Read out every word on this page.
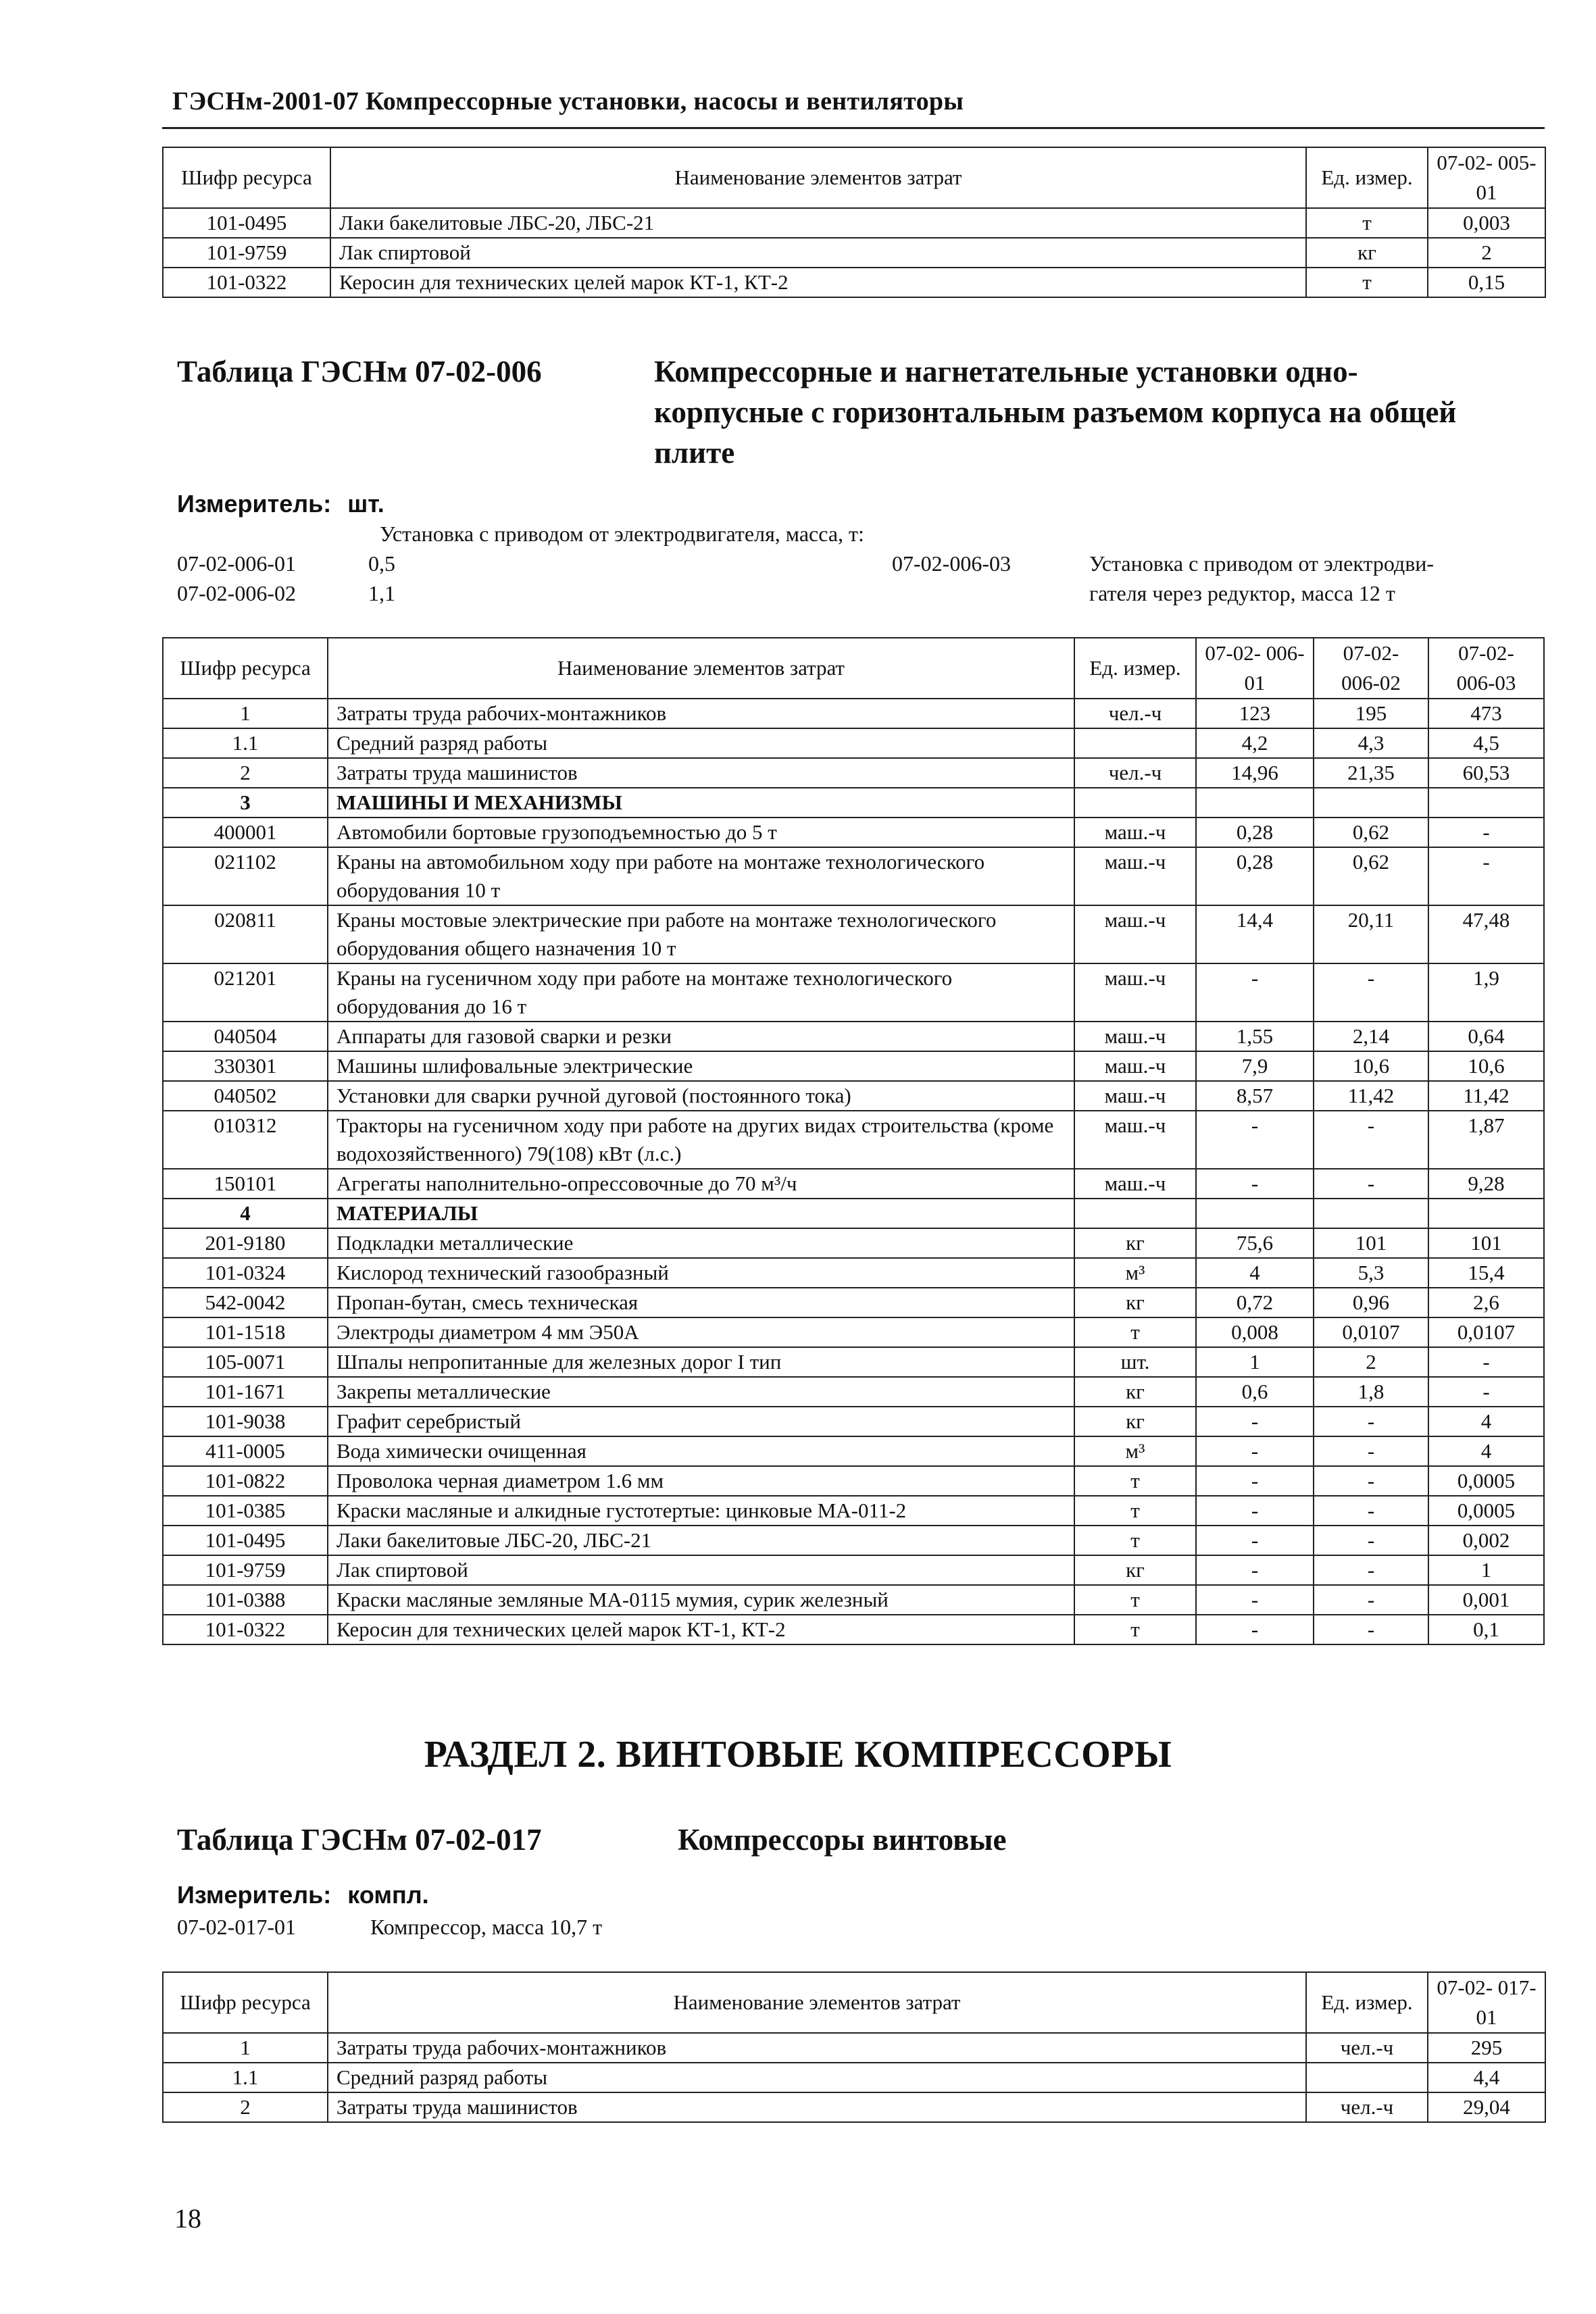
ГЭСНм-2001-07 Компрессорные установки, насосы и вентиляторы
Шифр ресурса	Наименование элементов затрат	Ед. измер.	07-02- 005-01
101-0495	Лаки бакелитовые ЛБС-20, ЛБС-21	т	0,003
101-9759	Лак спиртовой	кг	2
101-0322	Керосин для технических целей марок КТ-1, КТ-2	т	0,15
Таблица ГЭСНм 07-02-006	Компрессорные и нагнетательные установки одно-корпусные с горизонтальным разъемом корпуса на общей плите
Измеритель: шт.
Установка с приводом от электродвигателя, масса, т:
07-02-006-01	0,5
07-02-006-02	1,1
07-02-006-03	Установка с приводом от электродви-
гателя через редуктор, масса 12 т
Шифр ресурса	Наименование элементов затрат	Ед. измер.	07-02- 006-01	07-02- 006-02	07-02- 006-03
1	Затраты труда рабочих-монтажников	чел.-ч	123	195	473
1.1	Средний разряд работы		4,2	4,3	4,5
2	Затраты труда машинистов	чел.-ч	14,96	21,35	60,53
3	МАШИНЫ И МЕХАНИЗМЫ				
400001	Автомобили бортовые грузоподъемностью до 5 т	маш.-ч	0,28	0,62	-
021102	Краны на автомобильном ходу при работе на монтаже технологического оборудования 10 т	маш.-ч	0,28	0,62	-
020811	Краны мостовые электрические при работе на монтаже технологического оборудования общего назначения 10 т	маш.-ч	14,4	20,11	47,48
021201	Краны на гусеничном ходу при работе на монтаже технологического оборудования до 16 т	маш.-ч	-	-	1,9
040504	Аппараты для газовой сварки и резки	маш.-ч	1,55	2,14	0,64
330301	Машины шлифовальные электрические	маш.-ч	7,9	10,6	10,6
040502	Установки для сварки ручной дуговой (постоянного тока)	маш.-ч	8,57	11,42	11,42
010312	Тракторы на гусеничном ходу при работе на других видах строительства (кроме водохозяйственного) 79(108) кВт (л.с.)	маш.-ч	-	-	1,87
150101	Агрегаты наполнительно-опрессовочные до 70 м³/ч	маш.-ч	-	-	9,28
4	МАТЕРИАЛЫ				
201-9180	Подкладки металлические	кг	75,6	101	101
101-0324	Кислород технический газообразный	м³	4	5,3	15,4
542-0042	Пропан-бутан, смесь техническая	кг	0,72	0,96	2,6
101-1518	Электроды диаметром 4 мм Э50А	т	0,008	0,0107	0,0107
105-0071	Шпалы непропитанные для железных дорог I тип	шт.	1	2	-
101-1671	Закрепы металлические	кг	0,6	1,8	-
101-9038	Графит серебристый	кг	-	-	4
411-0005	Вода химически очищенная	м³	-	-	4
101-0822	Проволока черная диаметром 1.6 мм	т	-	-	0,0005
101-0385	Краски масляные и алкидные густотертые: цинковые МА-011-2	т	-	-	0,0005
101-0495	Лаки бакелитовые ЛБС-20, ЛБС-21	т	-	-	0,002
101-9759	Лак спиртовой	кг	-	-	1
101-0388	Краски масляные земляные МА-0115 мумия, сурик железный	т	-	-	0,001
101-0322	Керосин для технических целей марок КТ-1, КТ-2	т	-	-	0,1
РАЗДЕЛ 2. ВИНТОВЫЕ КОМПРЕССОРЫ
Таблица ГЭСНм 07-02-017	Компрессоры винтовые
Измеритель: компл.
07-02-017-01	Компрессор, масса 10,7 т
Шифр ресурса	Наименование элементов затрат	Ед. измер.	07-02- 017-01
1	Затраты труда рабочих-монтажников	чел.-ч	295
1.1	Средний разряд работы		4,4
2	Затраты труда машинистов	чел.-ч	29,04
18
